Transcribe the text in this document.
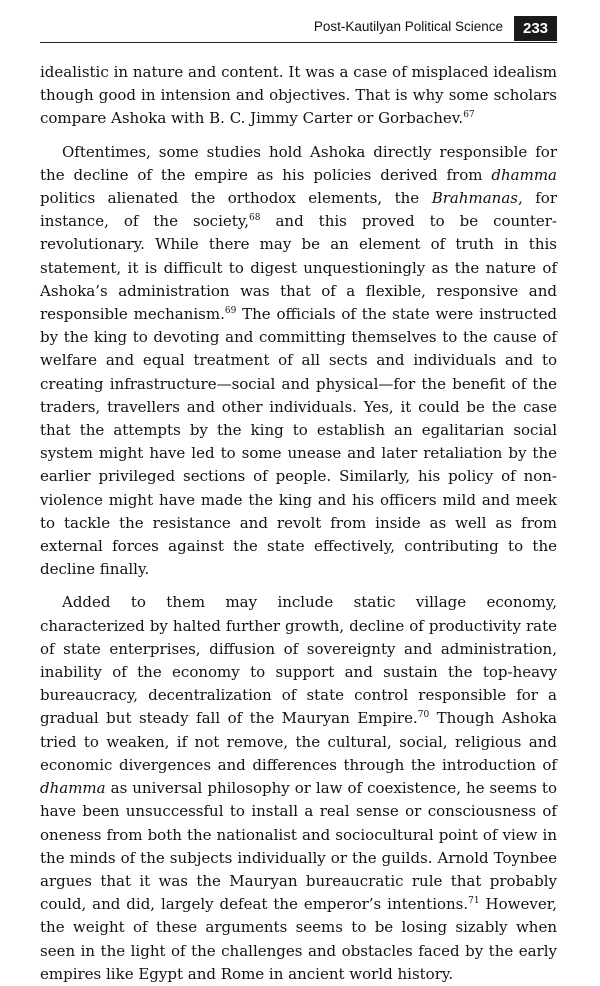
Post-Kautilyan Political Science	233

idealistic in nature and content. It was a case of misplaced idealism though good in intension and objectives. That is why some scholars compare Ashoka with B. C. Jimmy Carter or Gorbachev.$^{67}$

Oftentimes, some studies hold Ashoka directly responsible for the decline of the empire as his policies derived from dhamma politics alienated the orthodox elements, the Brahmanas, for instance, of the society,$^{68}$ and this proved to be counter-revolutionary. While there may be an element of truth in this statement, it is difficult to digest unquestioningly as the nature of Ashoka’s administration was that of a flexible, responsive and responsible mechanism.$^{69}$ The officials of the state were instructed by the king to devoting and committing themselves to the cause of welfare and equal treatment of all sects and individuals and to creating infrastructure—social and physical—for the benefit of the traders, travellers and other individuals. Yes, it could be the case that the attempts by the king to establish an egalitarian social system might have led to some unease and later retaliation by the earlier privileged sections of people. Similarly, his policy of non-violence might have made the king and his officers mild and meek to tackle the resistance and revolt from inside as well as from external forces against the state effectively, contributing to the decline finally.

Added to them may include static village economy, characterized by halted further growth, decline of productivity rate of state enterprises, diffusion of sovereignty and administration, inability of the economy to support and sustain the top-heavy bureaucracy, decentralization of state control responsible for a gradual but steady fall of the Mauryan Empire.$^{70}$ Though Ashoka tried to weaken, if not remove, the cultural, social, religious and economic divergences and differences through the introduction of dhamma as universal philosophy or law of coexistence, he seems to have been unsuccessful to install a real sense or consciousness of oneness from both the nationalist and sociocultural point of view in the minds of the subjects individually or the guilds. Arnold Toynbee argues that it was the Mauryan bureaucratic rule that probably could, and did, largely defeat the emperor’s intentions.$^{71}$ However, the weight of these arguments seems to be losing sizably when seen in the light of the challenges and obstacles faced by the early empires like Egypt and Rome in ancient world history.
